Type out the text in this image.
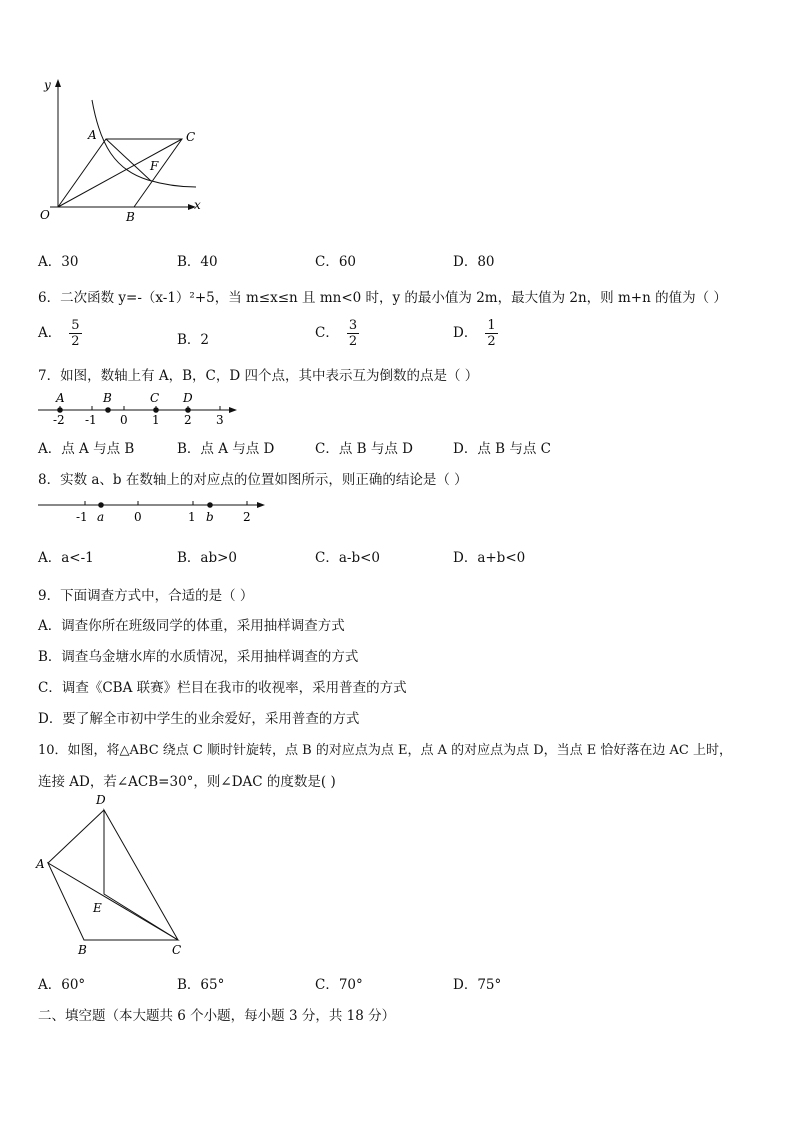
y
x
O
A	C
F
B
A．30	B．40	C．60	D．80
6．二次函数 y=-（x-1）²+5，当 m≤x≤n 且 mn<0 时，y 的最小值为 2m，最大值为 2n，则 m+n 的值为（ ）
A． $\frac{5}{2}$	B．2	C． $\frac{3}{2}$	D． $\frac{1}{2}$
7．如图，数轴上有 A，B，C，D 四个点，其中表示互为倒数的点是（ ）
A	B	C D
-2 -1 0 1 2 3
A．点 A 与点 B	B．点 A 与点 D	C．点 B 与点 D	D．点 B 与点 C
8．实数 a、b 在数轴上的对应点的位置如图所示，则正确的结论是（ ）
-1 a 0	1 b 2
A．a<-1	B．ab>0	C．a-b<0	D．a+b<0
9．下面调查方式中，合适的是（ ）
A．调查你所在班级同学的体重，采用抽样调查方式
B．调查乌金塘水库的水质情况，采用抽样调查的方式
C．调查《CBA 联赛》栏目在我市的收视率，采用普查的方式
D．要了解全市初中学生的业余爱好，采用普查的方式
10．如图，将△ABC 绕点 C 顺时针旋转，点 B 的对应点为点 E，点 A 的对应点为点 D，当点 E 恰好落在边 AC 上时，
连接 AD，若∠ACB=30°，则∠DAC 的度数是( )
D
A
E
B	C
A．60°	B．65°	C．70°	D．75°
二、填空题（本大题共 6 个小题，每小题 3 分，共 18 分）
